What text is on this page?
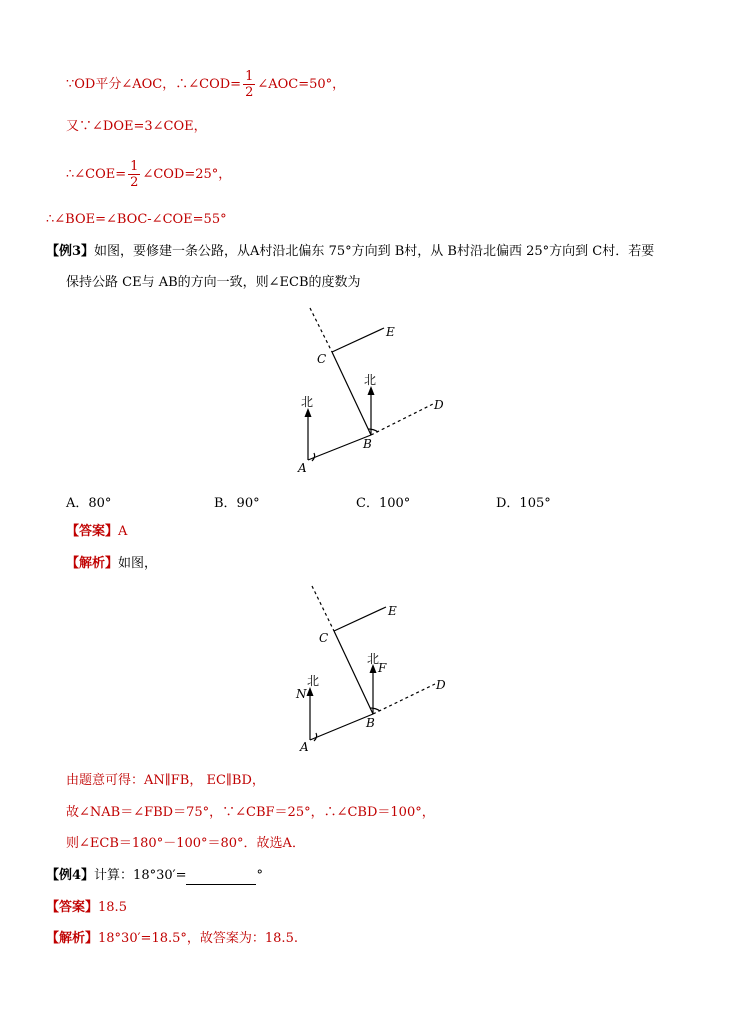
∵OD平分∠AOC，∴∠COD= $\frac{1}{2}$ ∠AOC=50°，
又∵∠DOE=3∠COE，
∴∠COE= $\frac{1}{2}$ ∠COD=25°，
∴∠BOE=∠BOC-∠COE=55°
【例3】如图，要修建一条公路，从A村沿北偏东 75°方向到 B村，从 B村沿北偏西 25°方向到 C村．若要
保持公路 CE与 AB的方向一致，则∠ECB的度数为
E
C
北
北	D
B
A
A．80°	B．90°	C．100°	D．105°
【答案】A
【解析】如图，
E
C
北
F
北
N
D
B
A
由题意可得：AN∥FB， EC∥BD，
故∠NAB＝∠FBD＝75°，∵∠CBF＝25°，∴∠CBD＝100°，
则∠ECB＝180°－100°＝80°．故选A．
【例4】计算：18°30′=	°
【答案】18.5
【解析】18°30′=18.5°，故答案为：18.5.
